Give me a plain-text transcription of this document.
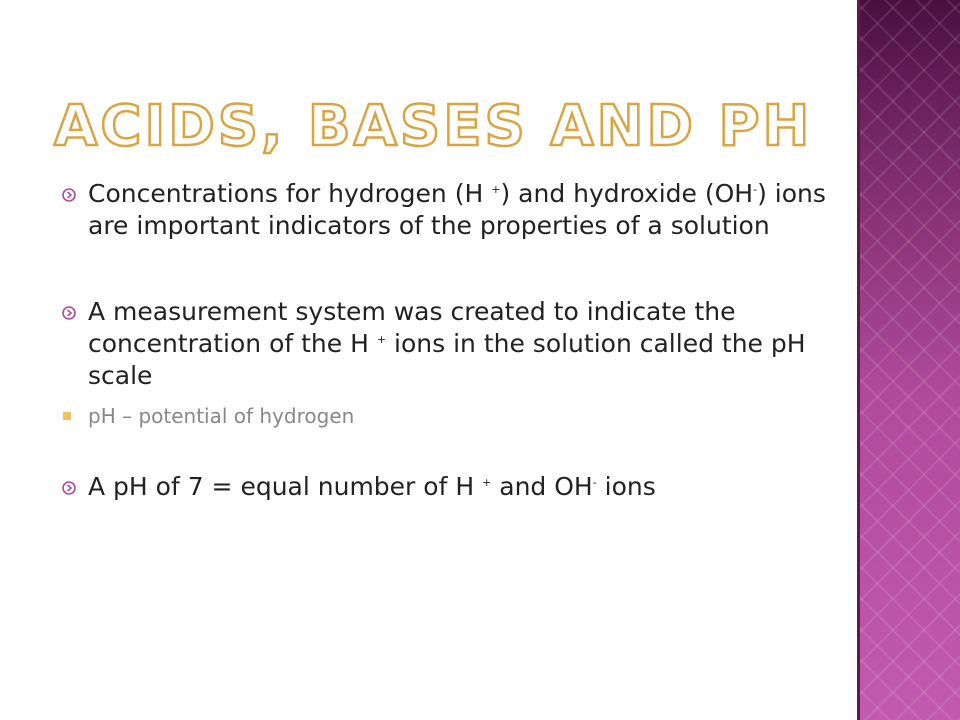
ACIDS, BASES AND PH
Concentrations for hydrogen (H +) and hydroxide (OH-) ions are important indicators of the properties of a solution
A measurement system was created to indicate the concentration of the H + ions in the solution called the pH scale
pH – potential of hydrogen
A pH of 7 = equal number of H + and OH- ions
